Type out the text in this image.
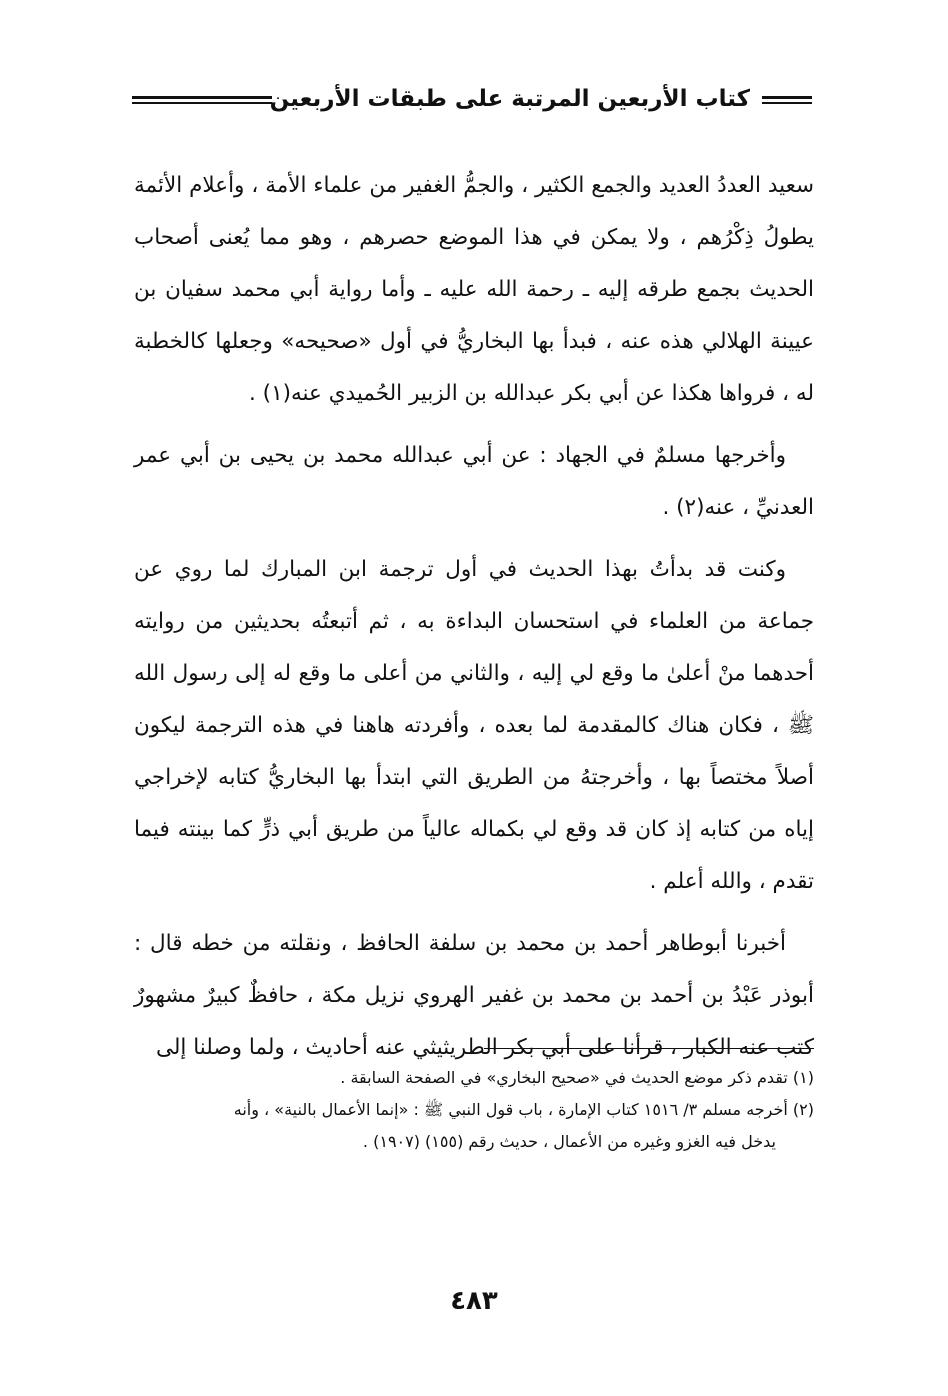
كتاب الأربعين المرتبة على طبقات الأربعين

سعيد العددُ العديد والجمع الكثير ، والجمُّ الغفير من علماء الأمة ، وأعلام الأئمة يطولُ ذِكْرُهم ، ولا يمكن في هذا الموضع حصرهم ، وهو مما يُعنى أصحاب الحديث بجمع طرقه إليه ـ رحمة الله عليه ـ وأما رواية أبي محمد سفيان بن عيينة الهلالي هذه عنه ، فبدأ بها البخاريُّ في أول «صحيحه» وجعلها كالخطبة له ، فرواها هكذا عن أبي بكر عبدالله بن الزبير الحُميدي عنه(١) .

وأخرجها مسلمٌ في الجهاد : عن أبي عبدالله محمد بن يحيى بن أبي عمر العدنيِّ ، عنه(٢) .

وكنت قد بدأتُ بهذا الحديث في أول ترجمة ابن المبارك لما روي عن جماعة من العلماء في استحسان البداءة به ، ثم أتبعتُه بحديثين من روايته أحدهما منْ أعلىٰ ما وقع لي إليه ، والثاني من أعلى ما وقع له إلى رسول الله ﷺ ، فكان هناك كالمقدمة لما بعده ، وأفردته هاهنا في هذه الترجمة ليكون أصلاً مختصاً بها ، وأخرجتهُ من الطريق التي ابتدأ بها البخاريُّ كتابه لإخراجي إياه من كتابه إذ كان قد وقع لي بكماله عالياً من طريق أبي ذرٍّ كما بينته فيما تقدم ، والله أعلم .

أخبرنا أبوطاهر أحمد بن محمد بن سلفة الحافظ ، ونقلته من خطه قال : أبوذر عَبْدُ بن أحمد بن محمد بن غفير الهروي نزيل مكة ، حافظٌ كبيرٌ مشهورٌ كتب عنه الكبار ، قرأنا على أبي بكر الطريثيثي عنه أحاديث ، ولما وصلنا إلى

(١) تقدم ذكر موضع الحديث في «صحيح البخاري» في الصفحة السابقة .

(٢) أخرجه مسلم ٣/ ١٥١٦ كتاب الإمارة ، باب قول النبي ﷺ : «إنما الأعمال بالنية» ، وأنه

يدخل فيه الغزو وغيره من الأعمال ، حديث رقم (١٥٥) (١٩٠٧) .

٤٨٣
